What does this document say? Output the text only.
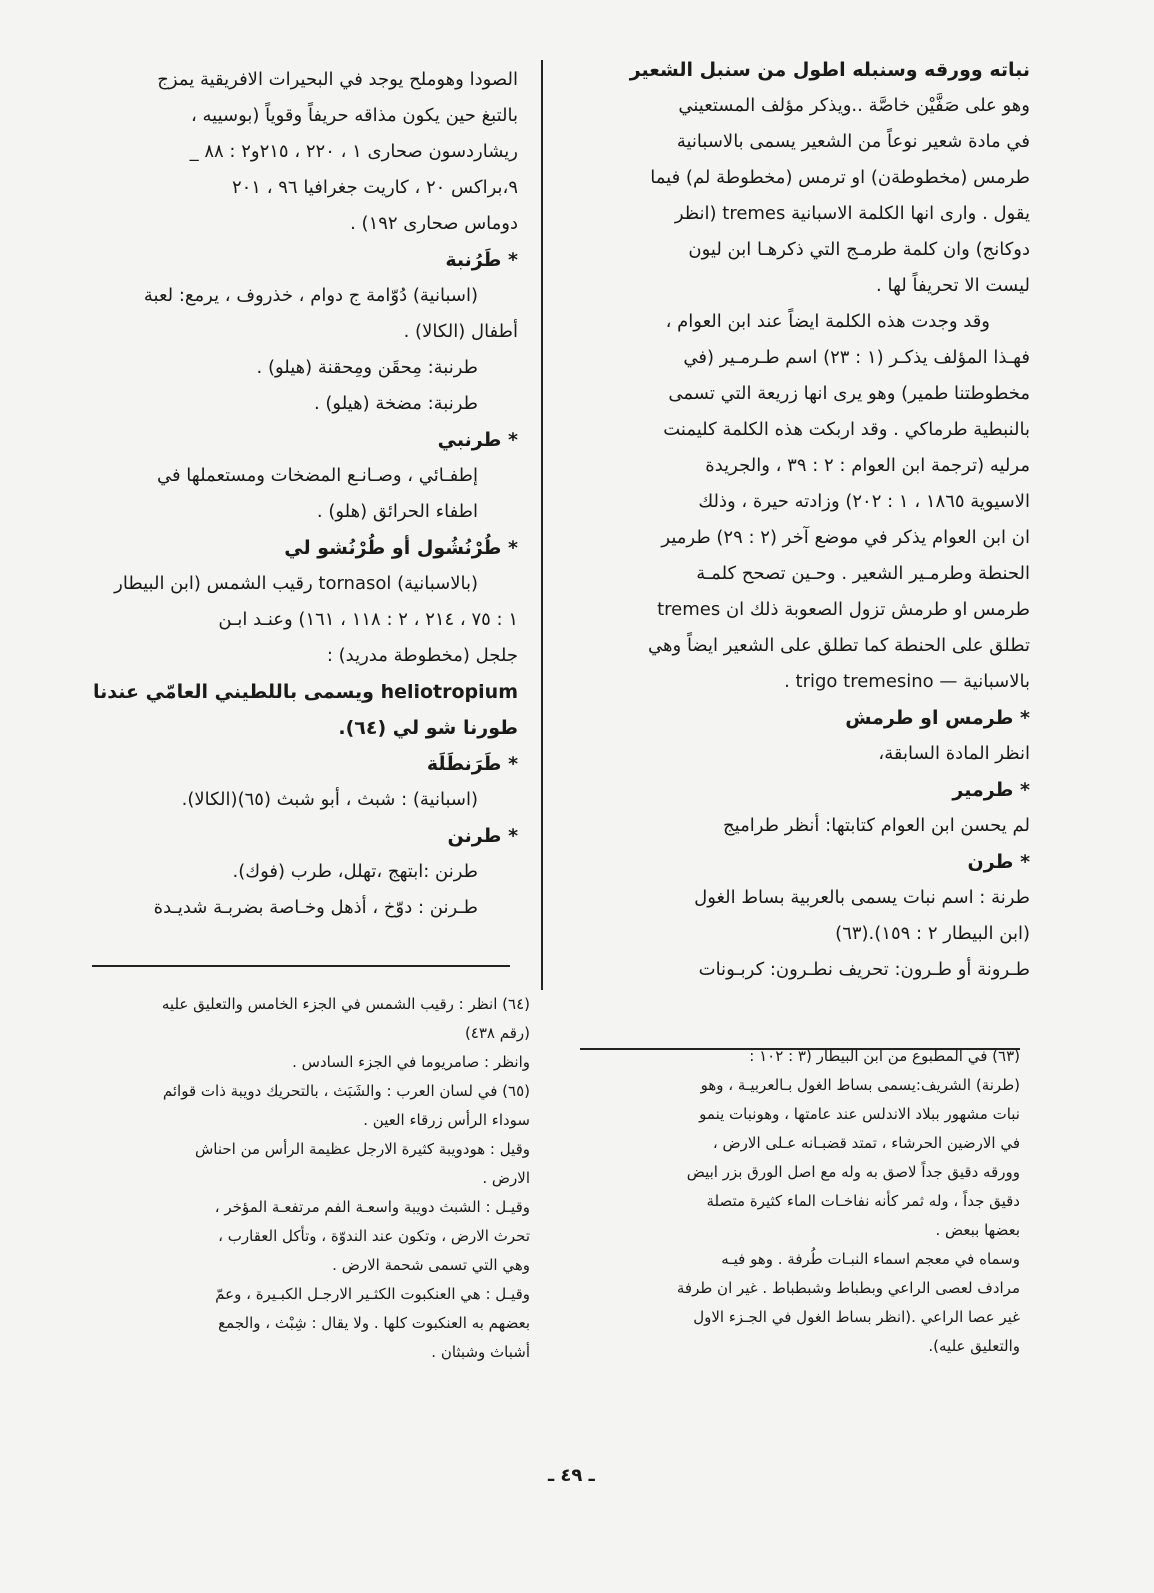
نباته وورقه وسنبله اطول من سنبل الشعير

وهو على صَفَّيْن خاصَّة ..ويذكر مؤلف المستعيني

في مادة شعير نوعاً من الشعير يسمى بالاسبانية

طرمس (مخطوطةن) او ترمس (مخطوطة لم) فيما

يقول . وارى انها الكلمة الاسبانية tremes (انظر

دوكانج) وان كلمة طرمـج التي ذكرهـا ابن ليون

ليست الا تحريفاً لها .

وقد وجدت هذه الكلمة ايضاً عند ابن العوام ،

فهـذا المؤلف يذكـر (١ : ٢٣) اسم طـرمـير (في

مخطوطتنا طمير) وهو يرى انها زريعة التي تسمى

بالنبطية طرماكي . وقد اربكت هذه الكلمة كليمنت

مرليه (ترجمة ابن العوام : ٢ : ٣٩ ، والجريدة

الاسيوية ١٨٦٥ ، ١ : ٢٠٢) وزادته حيرة ، وذلك

ان ابن العوام يذكر في موضع آخر (٢ : ٢٩) طرمير

الحنطة وطرمـير الشعير . وحـين تصحح كلمـة

طرمس او طرمش تزول الصعوبة ذلك ان tremes

تطلق على الحنطة كما تطلق على الشعير ايضاً وهي

بالاسبانية — trigo tremesino .

* طرمس او طرمش

انظر المادة السابقة،

* طرمير

لم يحسن ابن العوام كتابتها: أنظر طراميج

* طرن

طرنة : اسم نبات يسمى بالعربية بساط الغول

(ابن البيطار ٢ : ١٥٩).(٦٣)

طـرونة أو طـرون: تحريف نطـرون: كربـونات

الصودا وهوملح يوجد في البحيرات الافريقية يمزج

بالتبغ حين يكون مذاقه حريفاً وقوياً (بوسييه ،

ريشاردسون صحارى ١ ، ٢٢٠ ، ٢١٥و٢ : ٨٨ _

٩،براكس ٢٠ ، كاريت جغرافيا ٩٦ ، ٢٠١

دوماس صحارى ١٩٢) .

* طَرُنبة

(اسبانية) دُوّامة ج دوام ، خذروف ، يرمع: لعبة

أطفال (الكالا) .

طرنبة: مِحقَن ومِحقنة (هيلو) .

طرنبة: مضخة (هيلو) .

* طرنبي

إطفـائي ، وصـانـع المضخات ومستعملها في

اطفاء الحرائق (هلو) .

* طُرْنُشُول أو طُرْنُشو لي

(بالاسبانية) tornasol رقيب الشمس (ابن البيطار

١ : ٧٥ ، ٢١٤ ، ٢ : ١١٨ ، ١٦١) وعنـد ابـن

جلجل (مخطوطة مدريد) :

heliotropium ويسمى باللطيني العامّي عندنا

طورنا شو لي (٦٤).

* طَرَنطَلَة

(اسبانية) : شبث ، أبو شبث (٦٥)(الكالا).

* طرنن

طرنن :ابتهج ،تهلل، طرب (فوك).

طـرنن : دوّخ ، أذهل وخـاصة بضربـة شديـدة

(٦٤) انظر : رقيب الشمس في الجزء الخامس والتعليق عليه

(رقم ٤٣٨)

وانظر : صامريوما في الجزء السادس .

(٦٥) في لسان العرب : والشَبَث ، بالتحريك دويبة ذات قوائم

سوداء الرأس زرقاء العين .

وقيل : هودويبة كثيرة الارجل عظيمة الرأس من احناش

الارض .

وقيـل : الشبث دويبة واسعـة الفم مرتفعـة المؤخر ،

تحرث الارض ، وتكون عند الندوّة ، وتأكل العقارب ،

وهي التي تسمى شحمة الارض .

وقيـل : هي العنكبوت الكثـير الارجـل الكبـيرة ، وعمّ

بعضهم به العنكبوت كلها . ولا يقال : شِبْث ، والجمع

أشباث وشبثان .

(٦٣) في المطبوع من ابن البيطار (٣ : ١٠٢ :

(طرنة) الشريف:يسمى بساط الغول بـالعربيـة ، وهو

نبات مشهور ببلاد الاندلس عند عامتها ، وهونبات ينمو

في الارضين الحرشاء ، تمتد قضبـانه عـلى الارض ،

وورقه دقيق جداً لاصق به وله مع اصل الورق بزر ابيض

دقيق جداً ، وله ثمر كأنه نفاخـات الماء كثيرة متصلة

بعضها ببعض .

وسماه في معجم اسماء النبـات طُرفة . وهو فيـه

مرادف لعصى الراعي وبطباط وشبطباط . غير ان طرفة

غير عصا الراعي .(انظر بساط الغول في الجـزء الاول

والتعليق عليه).

ـ ٤٩ ـ
